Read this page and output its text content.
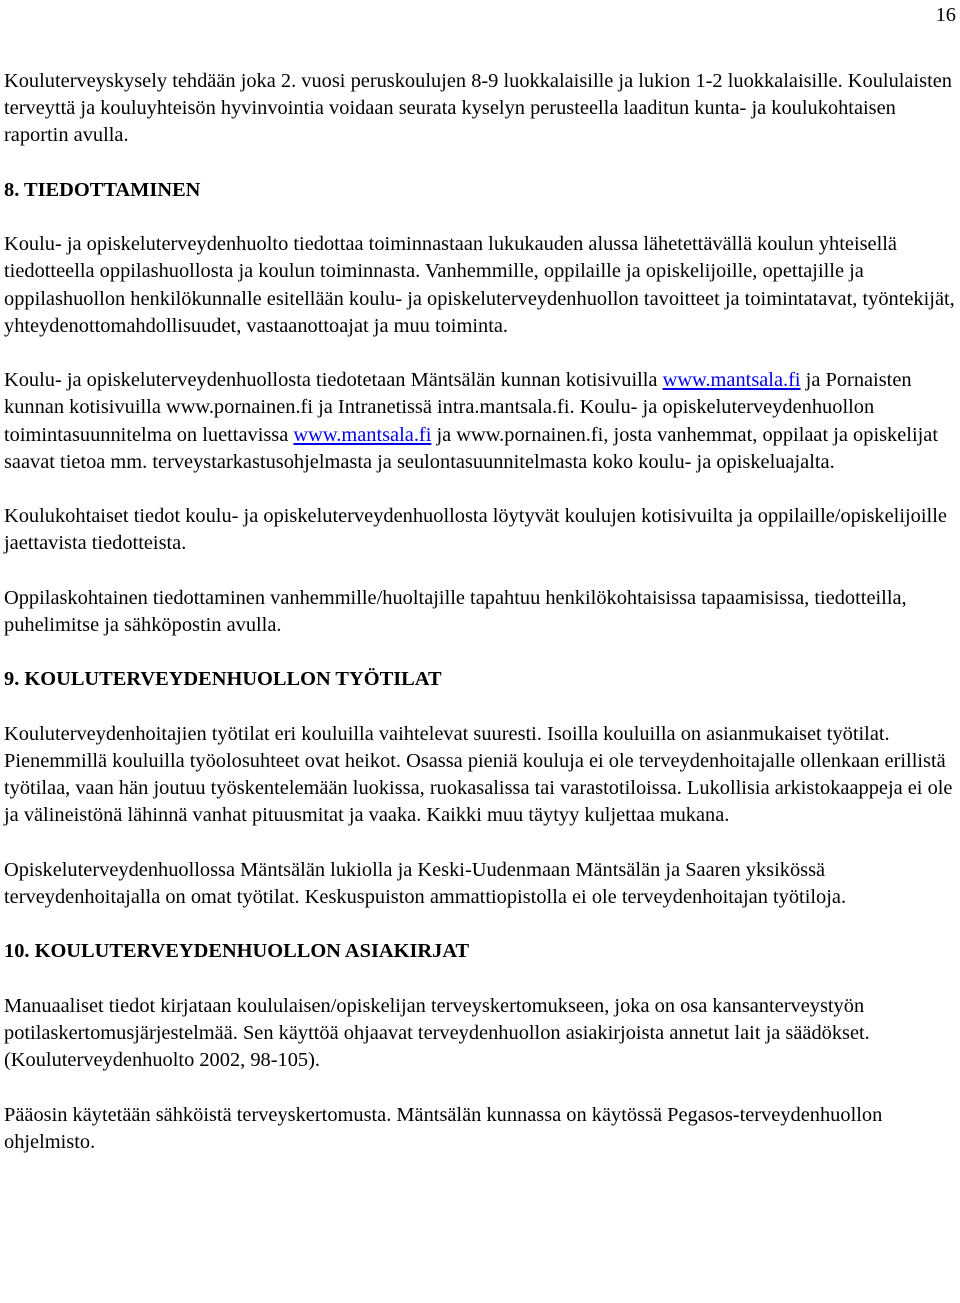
16

Kouluterveyskysely tehdään joka 2. vuosi peruskoulujen 8-9 luokkalaisille ja lukion 1-2 luokkalaisille. Koululaisten terveyttä ja kouluyhteisön hyvinvointia voidaan seurata kyselyn perusteella laaditun kunta- ja koulukohtaisen raportin avulla.

8. TIEDOTTAMINEN

Koulu- ja opiskeluterveydenhuolto tiedottaa toiminnastaan lukukauden alussa lähetettävällä koulun yhteisellä tiedotteella oppilashuollosta ja koulun toiminnasta. Vanhemmille, oppilaille ja opiskelijoille, opettajille ja oppilashuollon henkilökunnalle esitellään koulu- ja opiskeluterveydenhuollon tavoitteet ja toimintatavat, työntekijät, yhteydenottomahdollisuudet, vastaanottoajat ja muu toiminta.

Koulu- ja opiskeluterveydenhuollosta tiedotetaan Mäntsälän kunnan kotisivuilla www.mantsala.fi ja Pornaisten kunnan kotisivuilla www.pornainen.fi ja Intranetissä intra.mantsala.fi. Koulu- ja opiskeluterveydenhuollon toimintasuunnitelma on luettavissa www.mantsala.fi ja www.pornainen.fi, josta vanhemmat, oppilaat ja opiskelijat saavat tietoa mm. terveystarkastusohjelmasta ja seulontasuunnitelmasta koko koulu- ja opiskeluajalta.

Koulukohtaiset tiedot koulu- ja opiskeluterveydenhuollosta löytyvät koulujen kotisivuilta ja oppilaille/opiskelijoille jaettavista tiedotteista.

Oppilaskohtainen tiedottaminen vanhemmille/huoltajille tapahtuu henkilökohtaisissa tapaamisissa, tiedotteilla, puhelimitse ja sähköpostin avulla.

9. KOULUTERVEYDENHUOLLON TYÖTILAT

Kouluterveydenhoitajien työtilat eri kouluilla vaihtelevat suuresti. Isoilla kouluilla on asianmukaiset työtilat. Pienemmillä kouluilla työolosuhteet ovat heikot. Osassa pieniä kouluja ei ole terveydenhoitajalle ollenkaan erillistä työtilaa, vaan hän joutuu työskentelemään luokissa, ruokasalissa tai varastotiloissa. Lukollisia arkistokaappeja ei ole ja välineistönä lähinnä vanhat pituusmitat ja vaaka. Kaikki muu täytyy kuljettaa mukana.

Opiskeluterveydenhuollossa Mäntsälän lukiolla ja Keski-Uudenmaan Mäntsälän ja Saaren yksikössä terveydenhoitajalla on omat työtilat. Keskuspuiston ammattiopistolla ei ole terveydenhoitajan työtiloja.

10. KOULUTERVEYDENHUOLLON ASIAKIRJAT

Manuaaliset tiedot kirjataan koululaisen/opiskelijan terveyskertomukseen, joka on osa kansanterveystyön potilaskertomusjärjestelmää. Sen käyttöä ohjaavat terveydenhuollon asiakirjoista annetut lait ja säädökset. (Kouluterveydenhuolto 2002, 98-105).

Pääosin käytetään sähköistä terveyskertomusta. Mäntsälän kunnassa on käytössä Pegasos-terveydenhuollon ohjelmisto.
